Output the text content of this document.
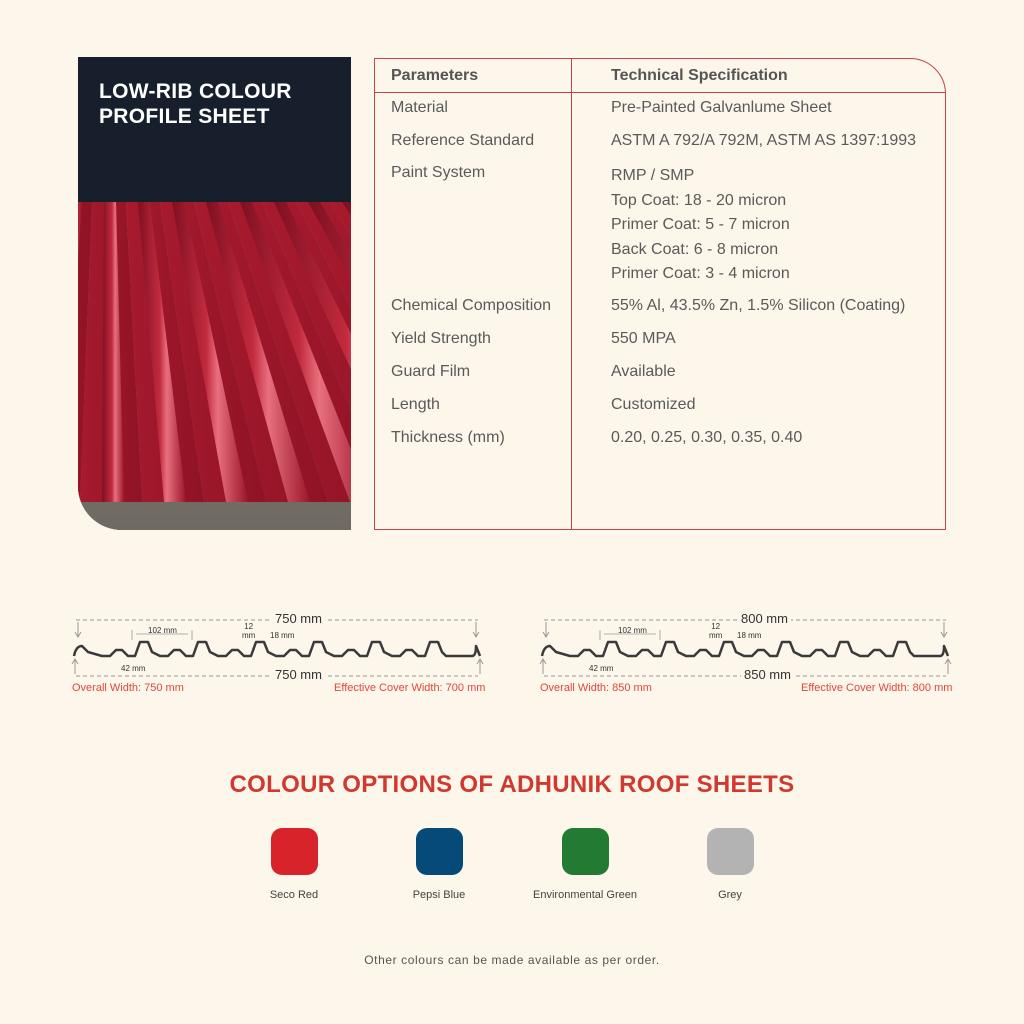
LOW-RIB COLOUR
PROFILE SHEET
Parameters	Technical Specification
Material	Pre-Painted Galvanlume Sheet
Reference Standard	ASTM A 792/A 792M, ASTM AS 1397:1993
Paint System	RMP / SMP
Top Coat: 18 - 20 micron
Primer Coat: 5 - 7 micron
Back Coat: 6 - 8 micron
Primer Coat: 3 - 4 micron
Chemical Composition	55% Al, 43.5% Zn, 1.5% Silicon (Coating)
Yield Strength	550 MPA
Guard Film	Available
Length	Customized
Thickness (mm)	0.20, 0.25, 0.30, 0.35, 0.40
750 mm
750 mm
102 mm	12
mm 18 mm
42 mm
Overall Width: 750 mm	Effective Cover Width: 700 mm
800 mm
850 mm
102 mm	12
mm 18 mm
42 mm
Overall Width: 850 mm	Effective Cover Width: 800 mm
COLOUR OPTIONS OF ADHUNIK ROOF SHEETS
Seco Red	Pepsi Blue	Environmental Green	Grey
Other colours can be made available as per order.
